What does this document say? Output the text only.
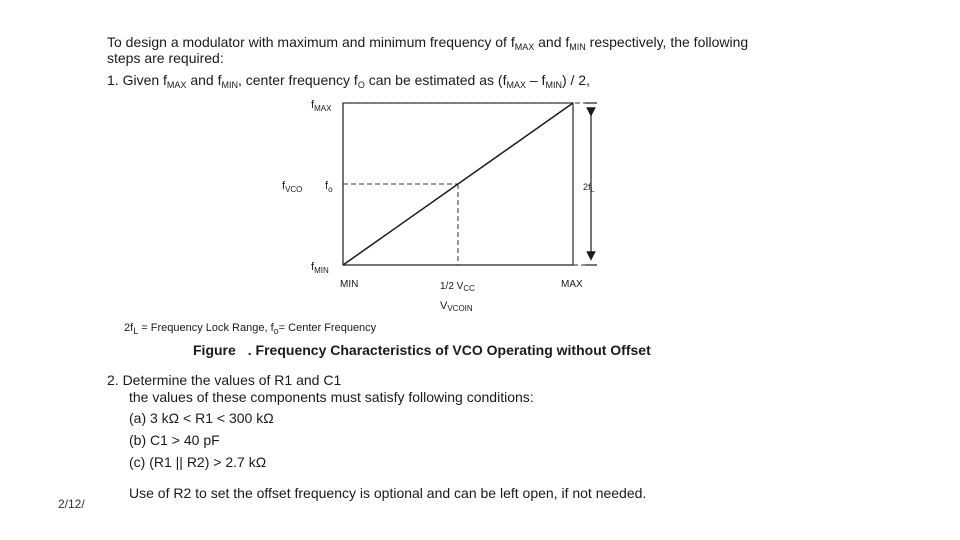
To design a modulator with maximum and minimum frequency of $f_{MAX}$ and $f_{MIN}$ respectively, the following
steps are required:
1. Given $f_{MAX}$ and $f_{MIN}$, center frequency $f_O$ can be estimated as $(f_{MAX} - f_{MIN}) / 2$,
$f_{MAX}$
$f_{VCO}$ $f_o$
$f_{MIN}$
MIN	1/2 $V_{CC}$	MAX
VVCOIN
$2f_L$
$2f_L$ = Frequency Lock Range, $f_o=$ Center Frequency
Figure . Frequency Characteristics of VCO Operating without Offset
2. Determine the values of R1 and C1
the values of these components must satisfy following conditions:
(a) 3 kΩ < R1 < 300 kΩ
(b) C1 > 40 pF
(c) (R1 || R2) > 2.7 kΩ
Use of R2 to set the offset frequency is optional and can be left open, if not needed.
2/12/
